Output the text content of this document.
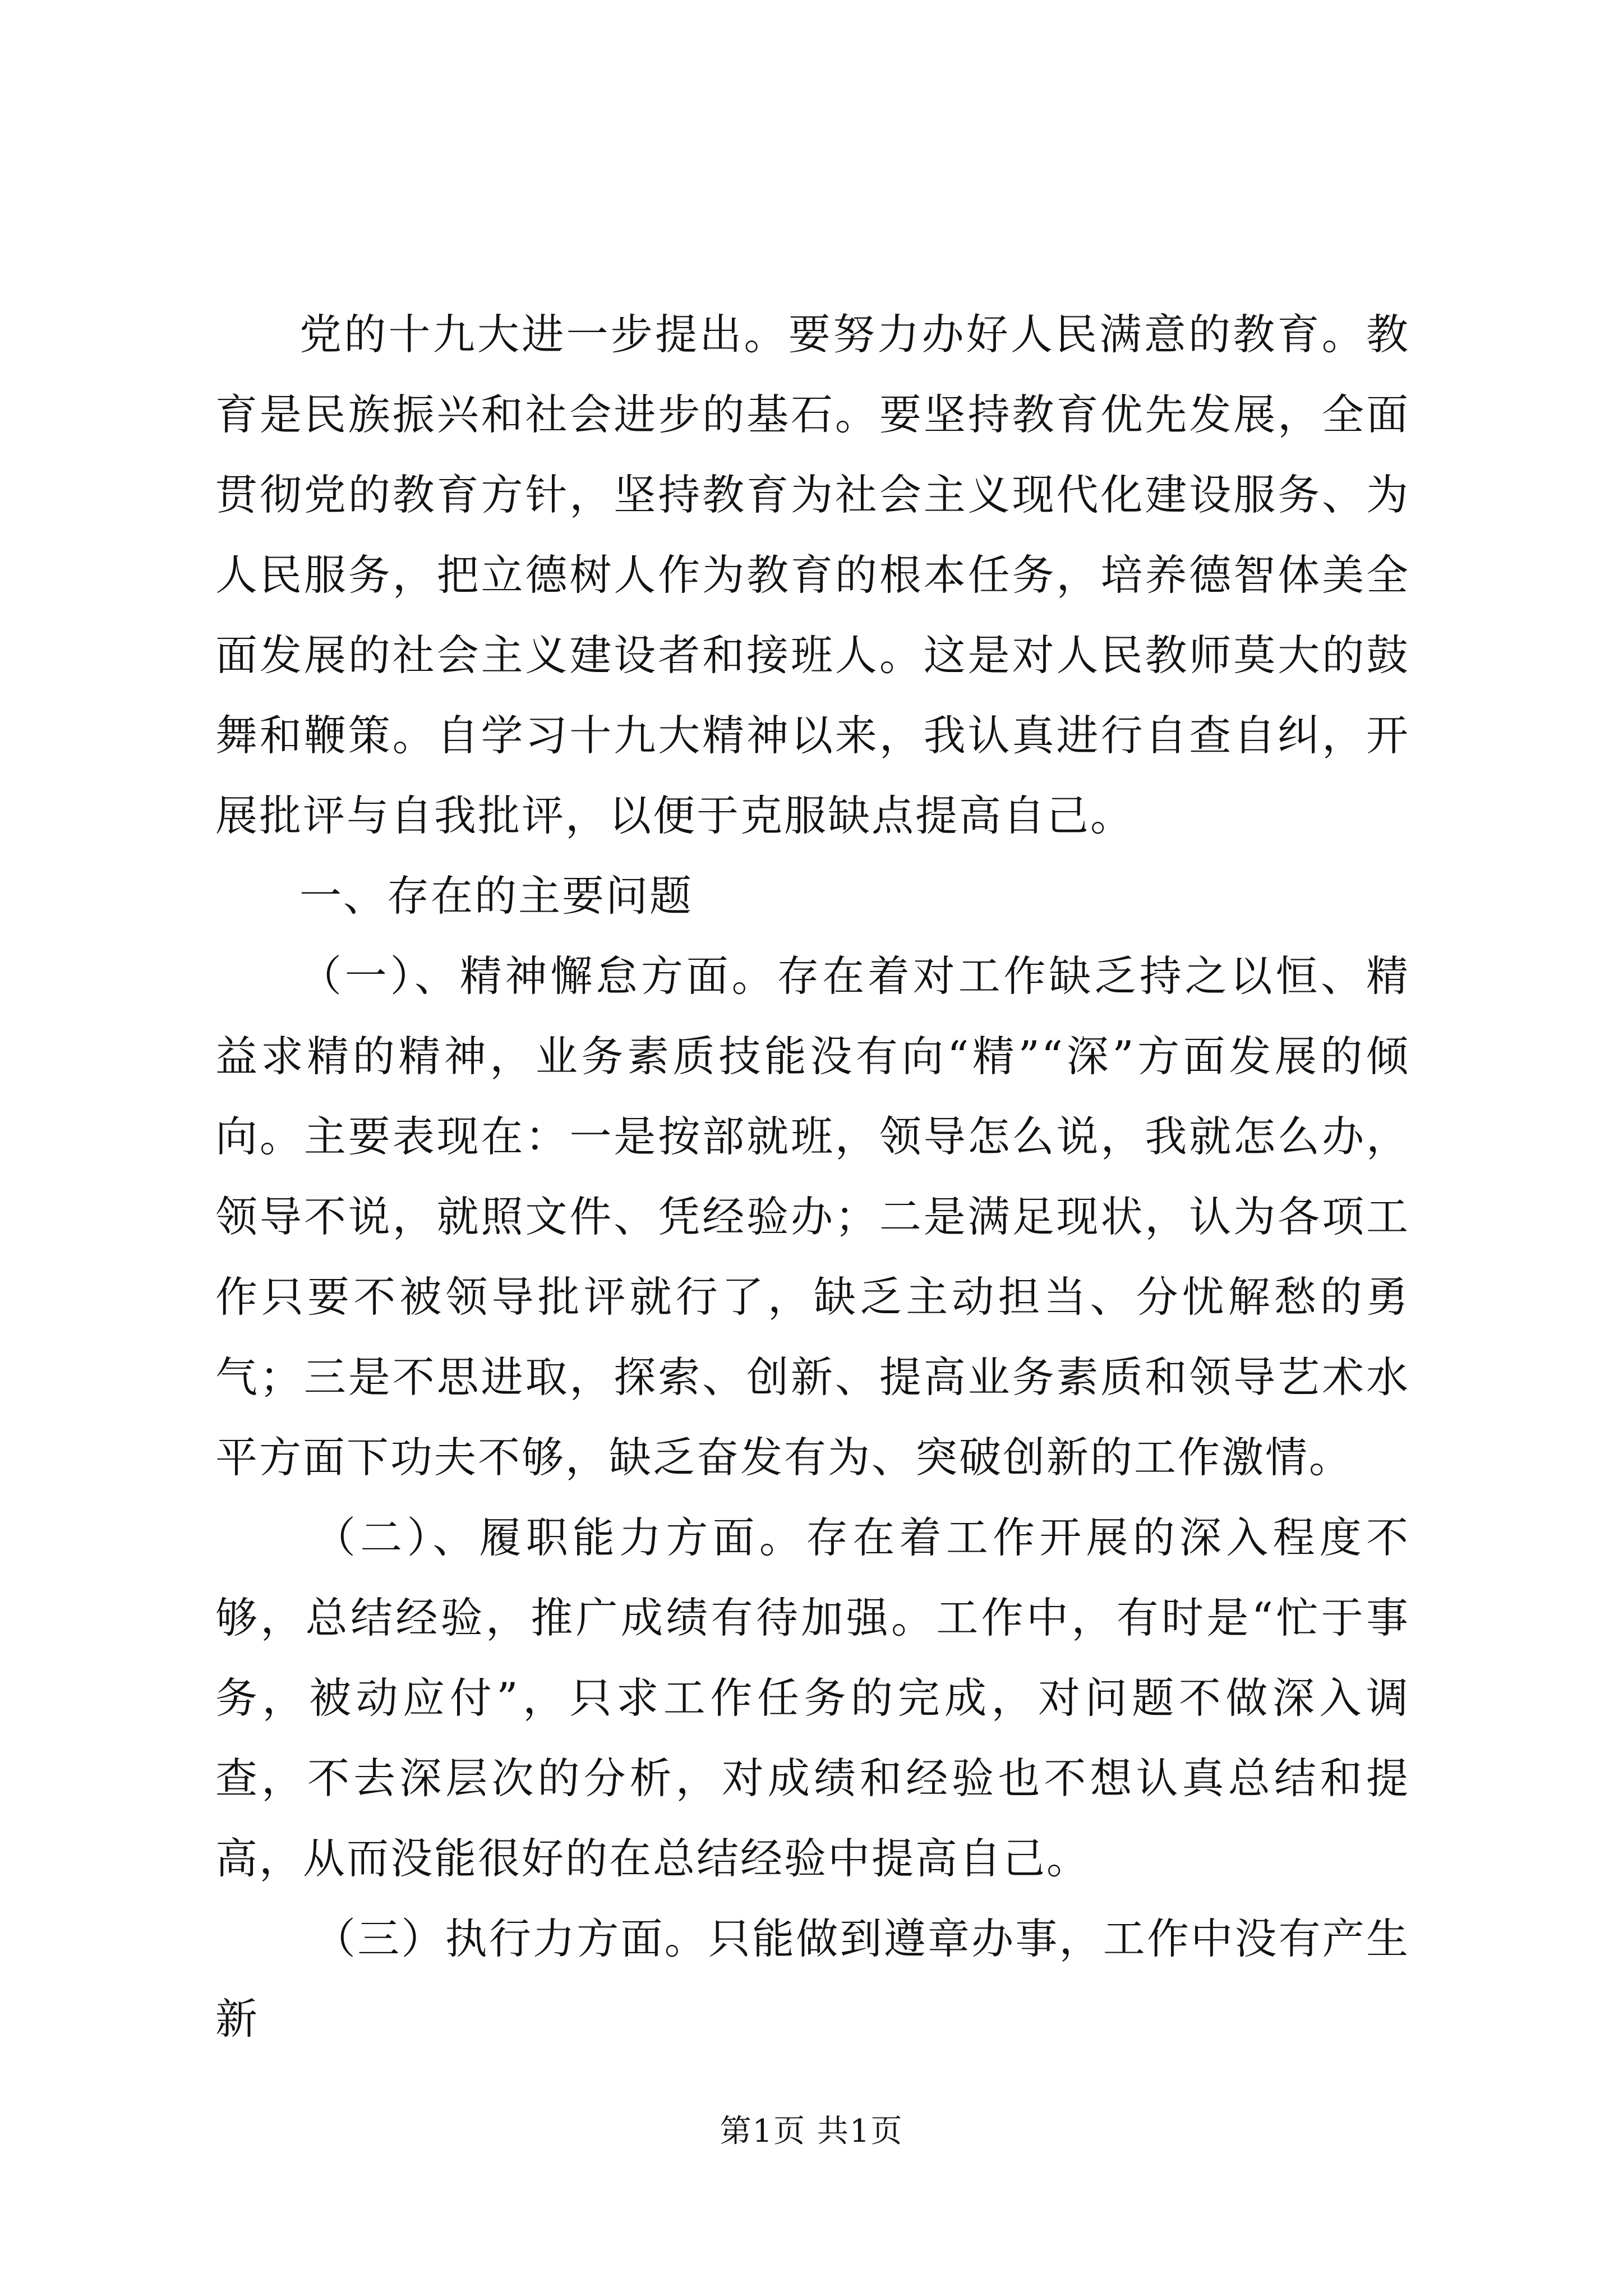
党的十九大进一步提出。要努力办好人民满意的教育。教育是民族振兴和社会进步的基石。要坚持教育优先发展，全面贯彻党的教育方针，坚持教育为社会主义现代化建设服务、为人民服务，把立德树人作为教育的根本任务，培养德智体美全面发展的社会主义建设者和接班人。这是对人民教师莫大的鼓舞和鞭策。自学习十九大精神以来，我认真进行自查自纠，开展批评与自我批评，以便于克服缺点提高自己。

一、存在的主要问题

（一）、精神懈怠方面。存在着对工作缺乏持之以恒、精益求精的精神，业务素质技能没有向“精”“深”方面发展的倾向。主要表现在：一是按部就班，领导怎么说，我就怎么办，领导不说，就照文件、凭经验办；二是满足现状，认为各项工作只要不被领导批评就行了，缺乏主动担当、分忧解愁的勇气；三是不思进取，探索、创新、提高业务素质和领导艺术水平方面下功夫不够，缺乏奋发有为、突破创新的工作激情。

（二）、履职能力方面。存在着工作开展的深入程度不够，总结经验，推广成绩有待加强。工作中，有时是“忙于事务，被动应付”，只求工作任务的完成，对问题不做深入调查，不去深层次的分析，对成绩和经验也不想认真总结和提高，从而没能很好的在总结经验中提高自己。

（三）执行力方面。只能做到遵章办事，工作中没有产生新

第1页 共1页
